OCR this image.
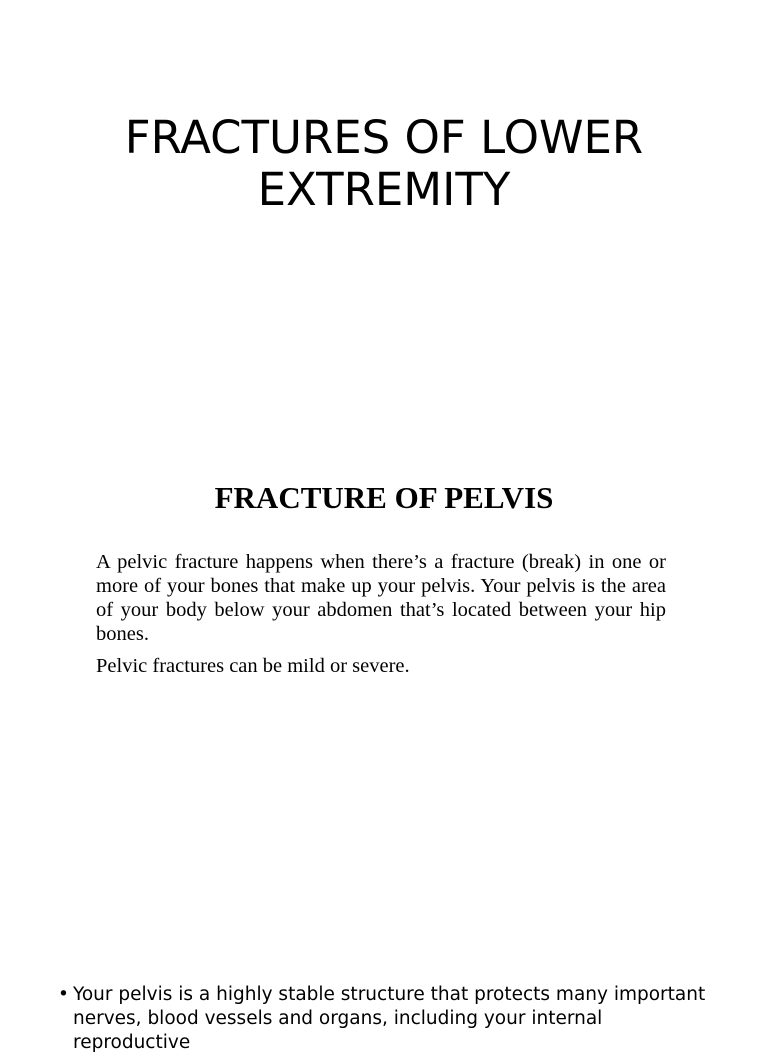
FRACTURES OF LOWER
EXTREMITY
FRACTURE OF PELVIS

A pelvic fracture happens when there’s a fracture (break) in one or more of your bones that make up your pelvis. Your pelvis is the area of your body below your abdomen that’s located between your hip bones.

Pelvic fractures can be mild or severe.

• Your pelvis is a highly stable structure that protects many important nerves, blood vessels and organs, including your internal reproductive
